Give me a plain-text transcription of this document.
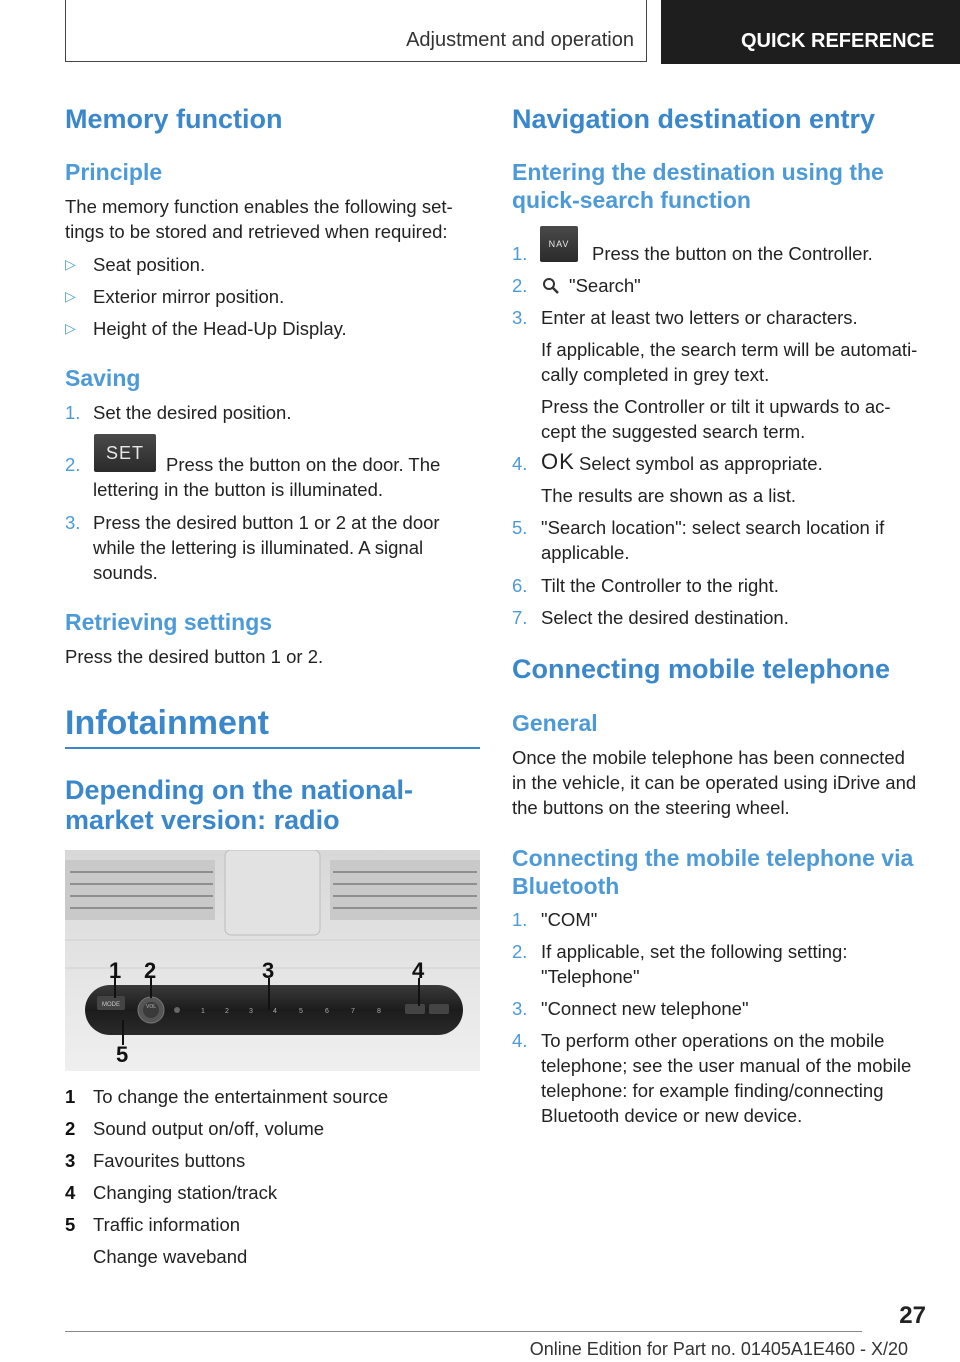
Adjustment and operation	QUICK REFERENCE
Memory function
Principle
The memory function enables the following set‐
tings to be stored and retrieved when required:
▷ Seat position.
▷ Exterior mirror position.
▷ Height of the Head-Up Display.
Saving
1. Set the desired position.
2.
SET
Press the button on the door. The
lettering in the button is illuminated.
3. Press the desired button 1 or 2 at the door
while the lettering is illuminated. A signal
sounds.
Retrieving settings
Press the desired button 1 or 2.
Infotainment
Depending on the national-
market version: radio
MODE	VOL
1	2	3	4	5	6	7	8
1 2	3	4
5
1 To change the entertainment source
2 Sound output on/off, volume
3 Favourites buttons
4 Changing station/track
5 Traffic information
Change waveband
Navigation destination entry
Entering the destination using the
quick-search function
1.	NAV	Press the button on the Controller.
2. "Search"
3. Enter at least two letters or characters.
If applicable, the search term will be automati‐
cally completed in grey text.
Press the Controller or tilt it upwards to ac‐
cept the suggested search term.
4. OK Select symbol as appropriate.
The results are shown as a list.
5. "Search location": select search location if
applicable.
6. Tilt the Controller to the right.
7. Select the desired destination.
Connecting mobile telephone
General
Once the mobile telephone has been connected
in the vehicle, it can be operated using iDrive and
the buttons on the steering wheel.
Connecting the mobile telephone via
Bluetooth
1. "COM"
2. If applicable, set the following setting:
"Telephone"
3. "Connect new telephone"
4. To perform other operations on the mobile
telephone; see the user manual of the mobile
telephone: for example finding/connecting
Bluetooth device or new device.
27
Online Edition for Part no. 01405A1E460 - X/20
